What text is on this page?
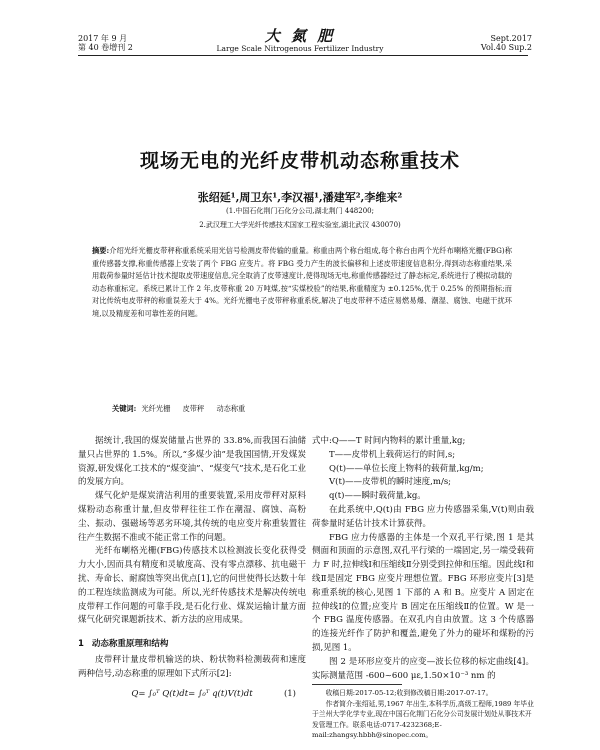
2017 年 9 月
第 40 卷增刊 2
大 氮 肥
Large Scale Nitrogenous Fertilizer Industry
Sept.2017
Vol.40 Sup.2
现场无电的光纤皮带机动态称重技术
张绍延¹,周卫东¹,李汉福¹,潘建军²,李维来²
(1.中国石化荆门石化分公司,湖北荆门 448200;
2.武汉理工大学光纤传感技术国家工程实验室,湖北武汉 430070)
摘要:介绍光纤光栅皮带秤称重系统采用光信号检测皮带传输的重量。称重由两个称台组成,每个称台由两个光纤布喇格光栅(FBG)称重传感器支撑,称重传感器上安装了两个 FBG 应变片。将 FBG 受力产生的波长偏移和上述皮带速度信息积分,得到动态称重结果,采用载荷参量时延估计技术提取皮带速度信息,完全取消了皮带速度计,使得现场无电,称重传感器经过了静态标定,系统进行了模拟动载的动态称重标定。系统已累计工作 2 年,皮带称重 20 万吨煤,按“实煤校验”的结果,称重精度为 ±0.125%,优于 0.25% 的预期指标;而对比传统电皮带秤的称重误差大于 4%。光纤光栅电子皮带秤称重系统,解决了电皮带秤不适应易燃易爆、潮湿、腐蚀、电磁干扰环境,以及精度差和可靠性差的问题。
关键词: 光纤光栅 皮带秤 动态称重

据统计,我国的煤炭储量占世界的 33.8%,而我国石油储量只占世界的 1.5%。所以,“多煤少油”是我国国情,开发煤炭资源,研发煤化工技术的“煤变油”、“煤变气”技术,是石化工业的发展方向。

煤气化炉是煤炭清洁利用的重要装置,采用皮带秤对原料煤粉动态称重计量,但皮带秤往往工作在潮湿、腐蚀、高粉尘、振动、强磁场等恶劣环境,其传统的电应变片称重装置往往产生数据不准或不能正常工作的问题。

光纤布喇格光栅(FBG)传感技术以检测波长变化获得受力大小,因而具有精度和灵敏度高、没有零点漂移、抗电磁干扰、寿命长、耐腐蚀等突出优点[1],它的问世使得长达数十年的工程连续监测成为可能。所以,光纤传感技术是解决传统电皮带秤工作问题的可靠手段,是石化行业、煤炭运输计量方面煤气化研究课题新技术、新方法的应用成果。

1 动态称重原理和结构

皮带秤计量皮带机输送的块、粉状物料检测载荷和速度两种信号,动态称重的原理如下式所示[2]:

Q= ∫₀ᵀ Q(t)dt= ∫₀ᵀ q(t)V(t)dt	(1)

式中:Q——T 时间内物料的累计重量,kg;

T——皮带机上载荷运行的时间,s;

Q(t)——单位长度上物料的载荷量,kg/m;

V(t)——皮带机的瞬时速度,m/s;

q(t)——瞬时载荷量,kg。

在此系统中,Q(t)由 FBG 应力传感器采集,V(t)则由载荷参量时延估计技术计算获得。

FBG 应力传感器的主体是一个双孔平行梁,图 1 是其侧面和顶面的示意图,双孔平行梁的一端固定,另一端受载荷力 F 时,拉伸线Ⅰ和压缩线Ⅱ分别受到拉伸和压缩。因此线Ⅰ和线Ⅱ是固定 FBG 应变片理想位置。FBG 环形应变片[3]是称重系统的核心,见图 1 下部的 A 和 B。应变片 A 固定在拉伸线Ⅰ的位置;应变片 B 固定在压缩线Ⅱ的位置。W 是一个 FBG 温度传感器。在双孔内自由放置。这 3 个传感器的连接光纤作了防护和覆盖,避免了外力的碰坏和煤粉的污损,见图 1。

图 2 是环形应变片的应变—波长位移的标定曲线[4]。实际测量范围 -600~600 με,1.50×10⁻³ nm 的

收稿日期:2017-05-12;收到修改稿日期:2017-07-17。

作者简介:张绍延,男,1967 年出生,本科学历,高级工程师,1989 年毕业于兰州大学化学专业,现在中国石化荆门石化分公司发展计划处从事技术开发管理工作。联系电话:0717-4232368;E-mail:zhangsy.hbbh@sinopec.com。
